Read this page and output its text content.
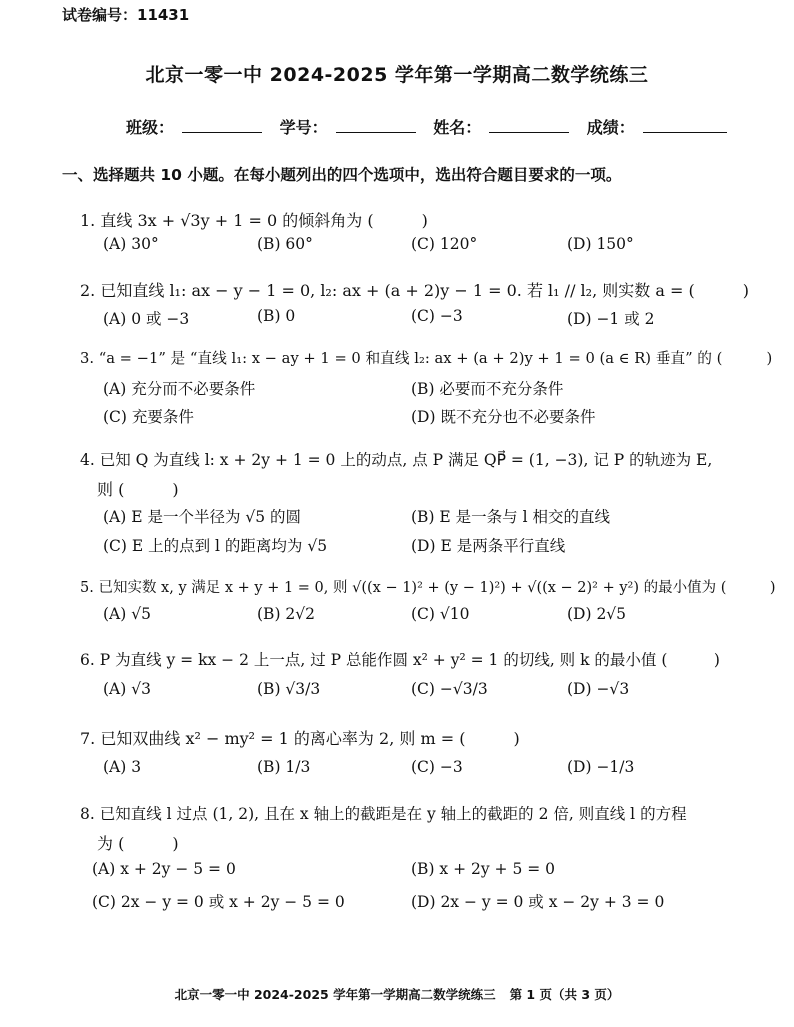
试卷编号：11431
北京一零一中 2024-2025 学年第一学期高二数学统练三
班级：	学号：	姓名：	成绩：
一、选择题共 10 小题。在每小题列出的四个选项中，选出符合题目要求的一项。
1. 直线 3x + √3y + 1 = 0 的倾斜角为 (　　　)
(A) 30°	(B) 60°	(C) 120°	(D) 150°
2. 已知直线 l₁: ax − y − 1 = 0, l₂: ax + (a + 2)y − 1 = 0. 若 l₁ // l₂, 则实数 a = (　　　)
(A) 0 或 −3	(B) 0	(C) −3	(D) −1 或 2
3. “a = −1” 是 “直线 l₁: x − ay + 1 = 0 和直线 l₂: ax + (a + 2)y + 1 = 0 (a ∈ R) 垂直” 的 (　　　)
(A) 充分而不必要条件	(B) 必要而不充分条件
(C) 充要条件	(D) 既不充分也不必要条件
4. 已知 Q 为直线 l: x + 2y + 1 = 0 上的动点, 点 P 满足 QP⃗ = (1, −3), 记 P 的轨迹为 E,
则 (　　　)
(A) E 是一个半径为 √5 的圆	(B) E 是一条与 l 相交的直线
(C) E 上的点到 l 的距离均为 √5	(D) E 是两条平行直线
5. 已知实数 x, y 满足 x + y + 1 = 0, 则 √((x − 1)² + (y − 1)²) + √((x − 2)² + y²) 的最小值为 (　　　)
(A) √5	(B) 2√2	(C) √10	(D) 2√5
6. P 为直线 y = kx − 2 上一点, 过 P 总能作圆 x² + y² = 1 的切线, 则 k 的最小值 (　　　)
(A) √3	(B) √3/3	(C) −√3/3	(D) −√3
7. 已知双曲线 x² − my² = 1 的离心率为 2, 则 m = (　　　)
(A) 3	(B) 1/3	(C) −3	(D) −1/3
8. 已知直线 l 过点 (1, 2), 且在 x 轴上的截距是在 y 轴上的截距的 2 倍, 则直线 l 的方程
为 (　　　)
(A) x + 2y − 5 = 0	(B) x + 2y + 5 = 0
(C) 2x − y = 0 或 x + 2y − 5 = 0	(D) 2x − y = 0 或 x − 2y + 3 = 0
北京一零一中 2024-2025 学年第一学期高二数学统练三 第 1 页（共 3 页）
